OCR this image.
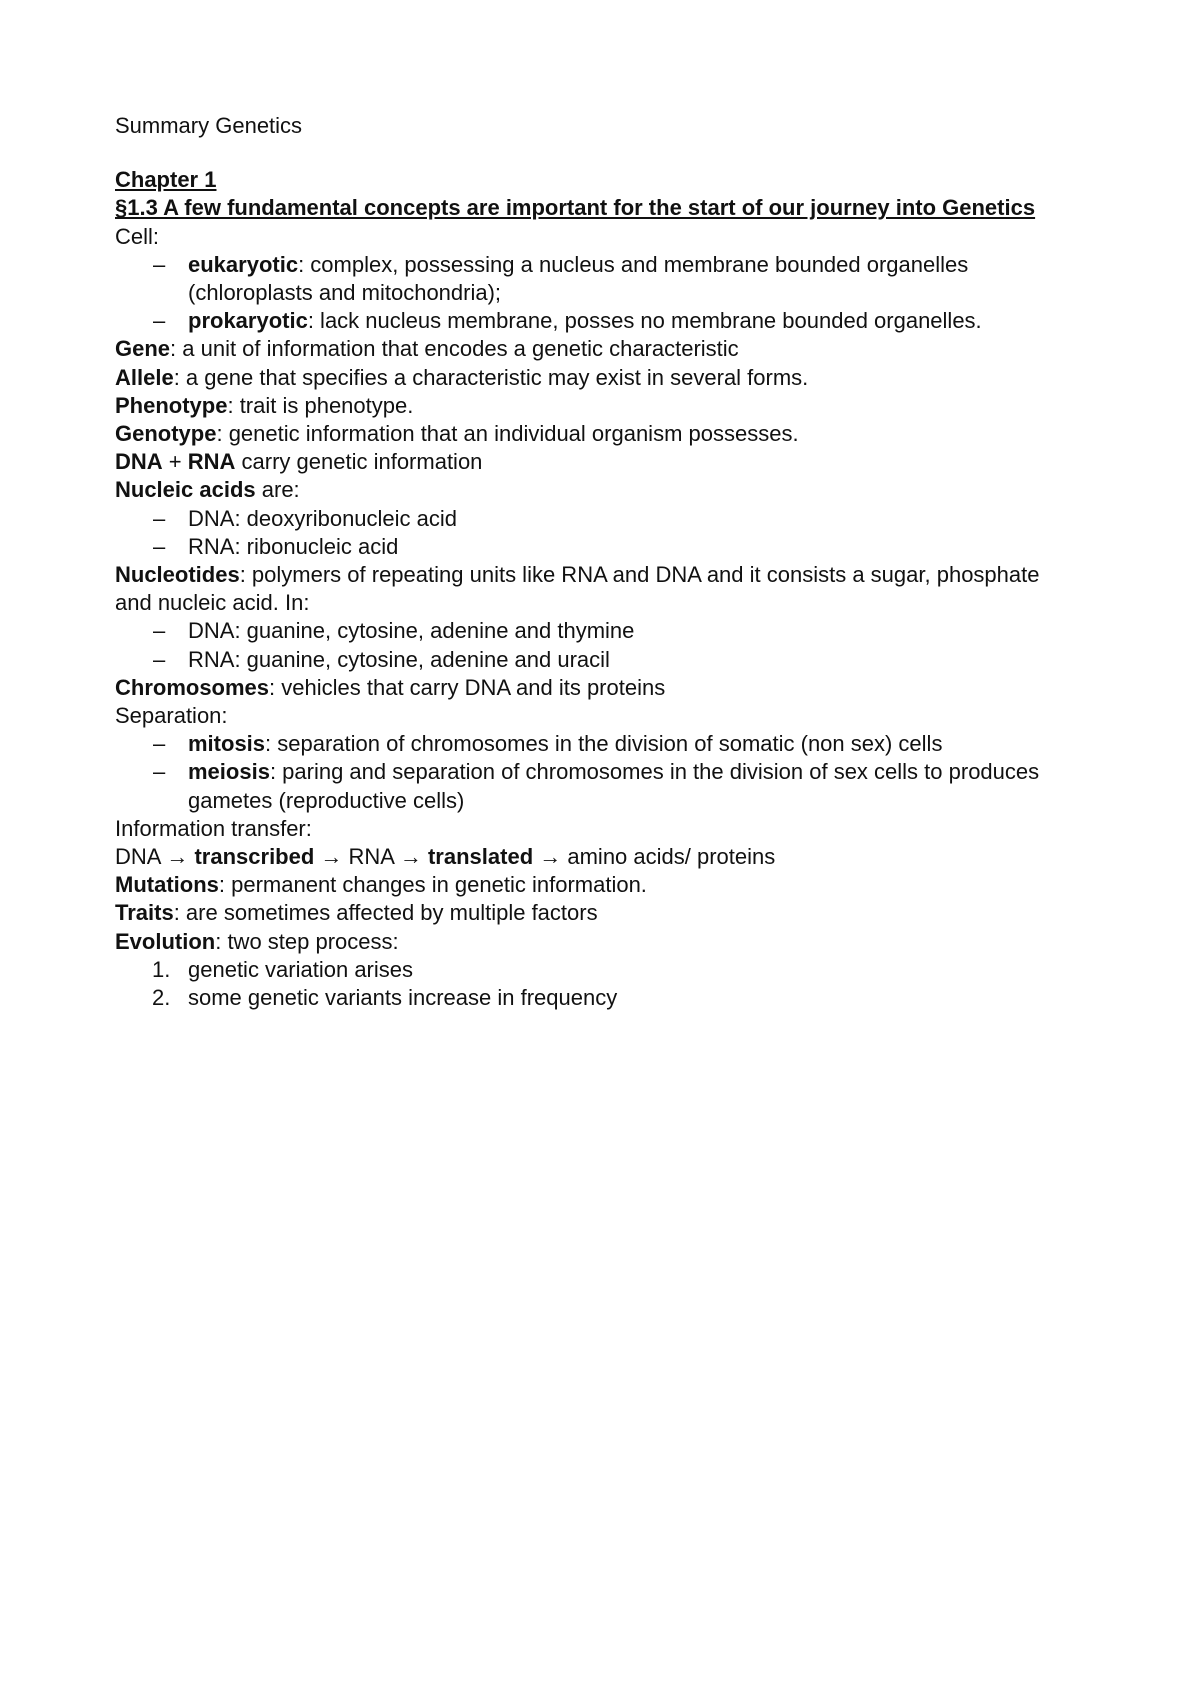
Summary Genetics

Chapter 1

§1.3 A few fundamental concepts are important for the start of our journey into Genetics

Cell:

– eukaryotic: complex, possessing a nucleus and membrane bounded organelles (chloroplasts and mitochondria);
– prokaryotic: lack nucleus membrane, posses no membrane bounded organelles.

Gene: a unit of information that encodes a genetic characteristic

Allele: a gene that specifies a characteristic may exist in several forms.

Phenotype: trait is phenotype.

Genotype: genetic information that an individual organism possesses.

DNA + RNA carry genetic information

Nucleic acids are:

– DNA: deoxyribonucleic acid
– RNA: ribonucleic acid

Nucleotides: polymers of repeating units like RNA and DNA and it consists a sugar, phosphate and nucleic acid. In:

– DNA: guanine, cytosine, adenine and thymine
– RNA: guanine, cytosine, adenine and uracil

Chromosomes: vehicles that carry DNA and its proteins

Separation:

– mitosis: separation of chromosomes in the division of somatic (non sex) cells
– meiosis: paring and separation of chromosomes in the division of sex cells to produces gametes (reproductive cells)

Information transfer:

DNA → transcribed → RNA → translated → amino acids/ proteins

Mutations: permanent changes in genetic information.

Traits: are sometimes affected by multiple factors

Evolution: two step process:

1. genetic variation arises
2. some genetic variants increase in frequency
